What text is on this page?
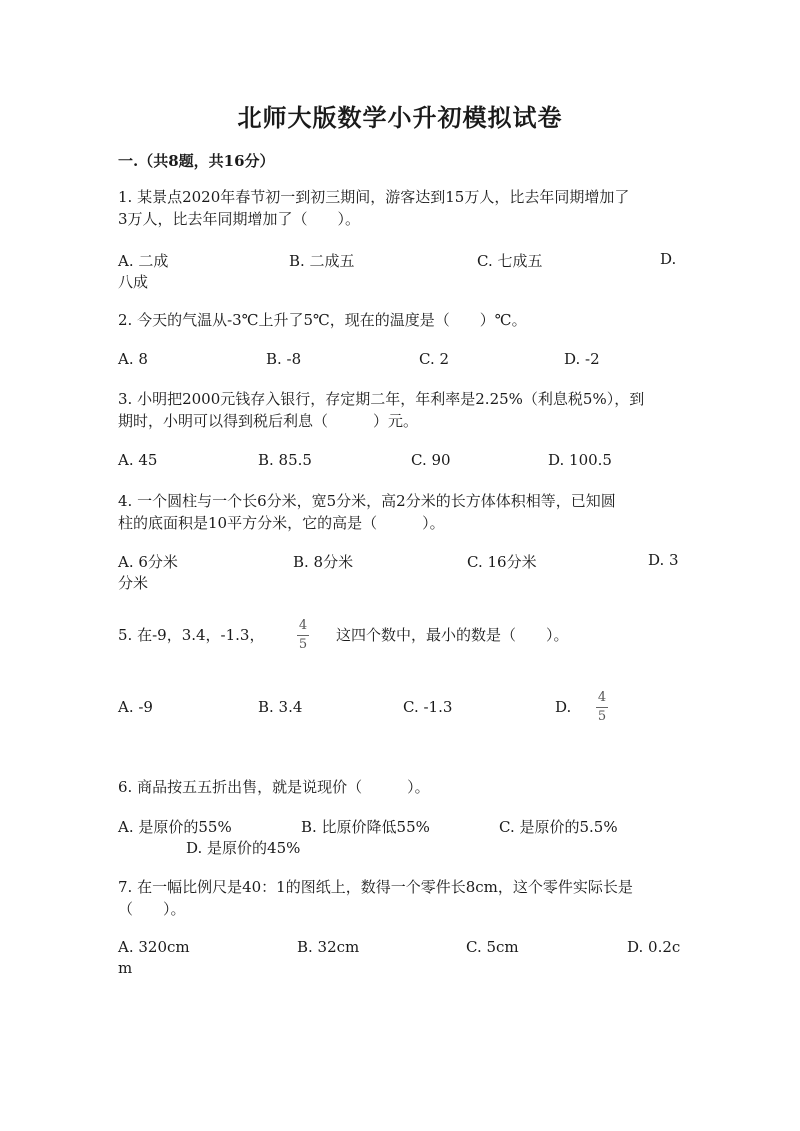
北师大版数学小升初模拟试卷
一.（共8题，共16分）
1. 某景点2020年春节初一到初三期间，游客达到15万人，比去年同期增加了
3万人，比去年同期增加了（　　）。
A. 二成	B. 二成五	C. 七成五	D.
八成
2. 今天的气温从-3℃上升了5℃，现在的温度是（　　）℃。
A. 8	B. -8	C. 2	D. -2
3. 小明把2000元钱存入银行，存定期二年，年利率是2.25%（利息税5%），到
期时，小明可以得到税后利息（　　　）元。
A. 45	B. 85.5	C. 90	D. 100.5
4. 一个圆柱与一个长6分米，宽5分米，高2分米的长方体体积相等，已知圆
柱的底面积是10平方分米，它的高是（　　　）。
A. 6分米	B. 8分米	C. 16分米	D. 3
分米
5. 在-9，3.4，-1.3，
4
5
这四个数中，最小的数是（　　）。
A. -9	B. 3.4	C. -1.3	D.
4
5
6. 商品按五五折出售，就是说现价（　　　）。
A. 是原价的55%	B. 比原价降低55%	C. 是原价的5.5%
D. 是原价的45%
7. 在一幅比例尺是40：1的图纸上，数得一个零件长8cm，这个零件实际长是
（　　）。
A. 320cm	B. 32cm	C. 5cm	D. 0.2c
m
